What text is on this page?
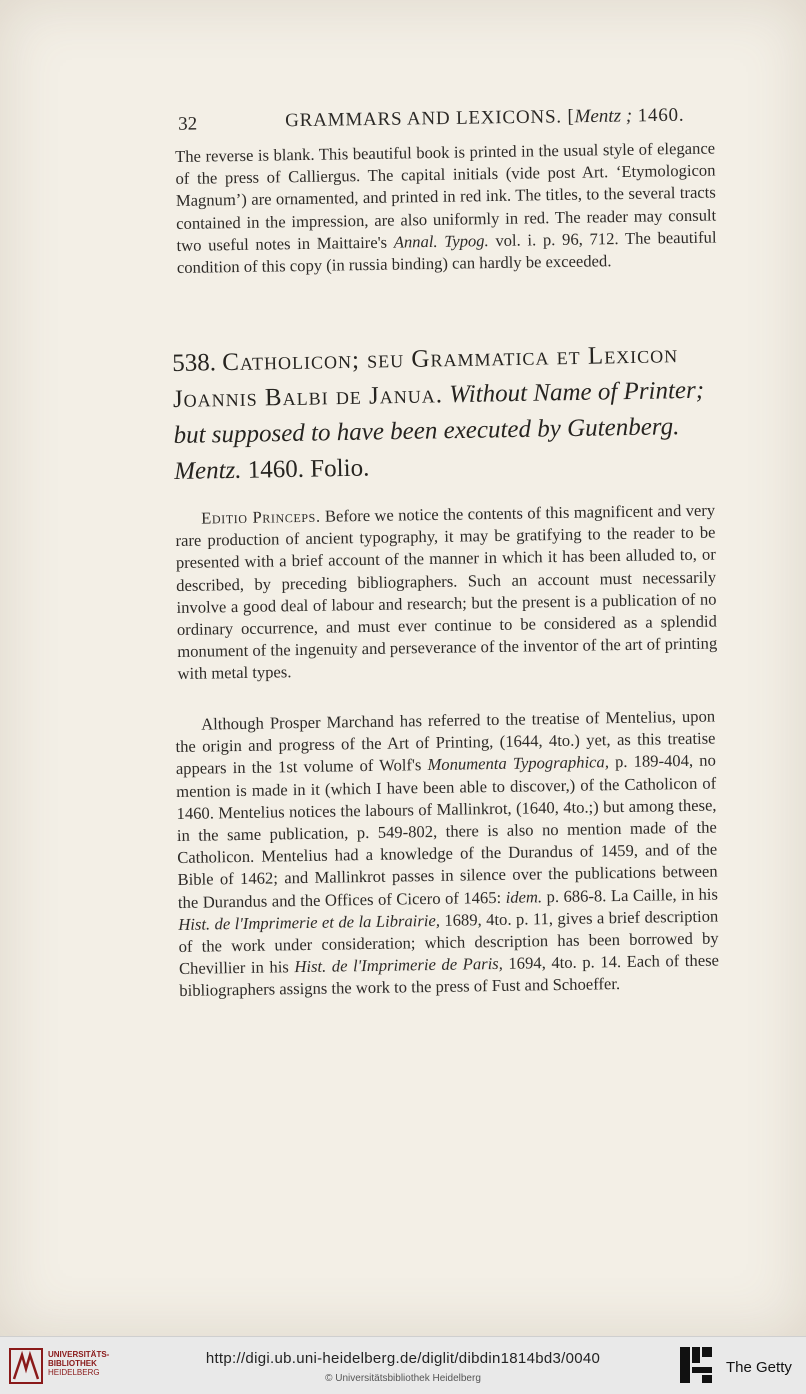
32	GRAMMARS AND LEXICONS. [Mentz ; 1460.

The reverse is blank. This beautiful book is printed in the usual style of elegance of the press of Calliergus. The capital initials (vide post Art. ‘Etymologicon Magnum’) are ornamented, and printed in red ink. The titles, to the several tracts contained in the impression, are also uniformly in red. The reader may consult two useful notes in Maittaire's Annal. Typog. vol. i. p. 96, 712. The beautiful condition of this copy (in russia binding) can hardly be exceeded.

538. Catholicon; seu Grammatica et Lexicon Joannis Balbi de Janua. Without Name of Printer; but supposed to have been executed by Gutenberg. Mentz. 1460. Folio.

Editio Princeps. Before we notice the contents of this magnificent and very rare production of ancient typography, it may be gratifying to the reader to be presented with a brief account of the manner in which it has been alluded to, or described, by preceding bibliographers. Such an account must necessarily involve a good deal of labour and research; but the present is a publication of no ordinary occurrence, and must ever continue to be considered as a splendid monument of the ingenuity and perseverance of the inventor of the art of printing with metal types.

Although Prosper Marchand has referred to the treatise of Mentelius, upon the origin and progress of the Art of Printing, (1644, 4to.) yet, as this treatise appears in the 1st volume of Wolf's Monumenta Typographica, p. 189-404, no mention is made in it (which I have been able to discover,) of the Catholicon of 1460. Mentelius notices the labours of Mallinkrot, (1640, 4to.;) but among these, in the same publication, p. 549-802, there is also no mention made of the Catholicon. Mentelius had a knowledge of the Durandus of 1459, and of the Bible of 1462; and Mallinkrot passes in silence over the publications between the Durandus and the Offices of Cicero of 1465: idem. p. 686-8. La Caille, in his Hist. de l'Imprimerie et de la Librairie, 1689, 4to. p. 11, gives a brief description of the work under consideration; which description has been borrowed by Chevillier in his Hist. de l'Imprimerie de Paris, 1694, 4to. p. 14. Each of these bibliographers assigns the work to the press of Fust and Schoeffer.

UNIVERSITÄTS-
BIBLIOTHEK
HEIDELBERG
http://digi.ub.uni-heidelberg.de/diglit/dibdin1814bd3/0040
© Universitätsbibliothek Heidelberg
The Getty
